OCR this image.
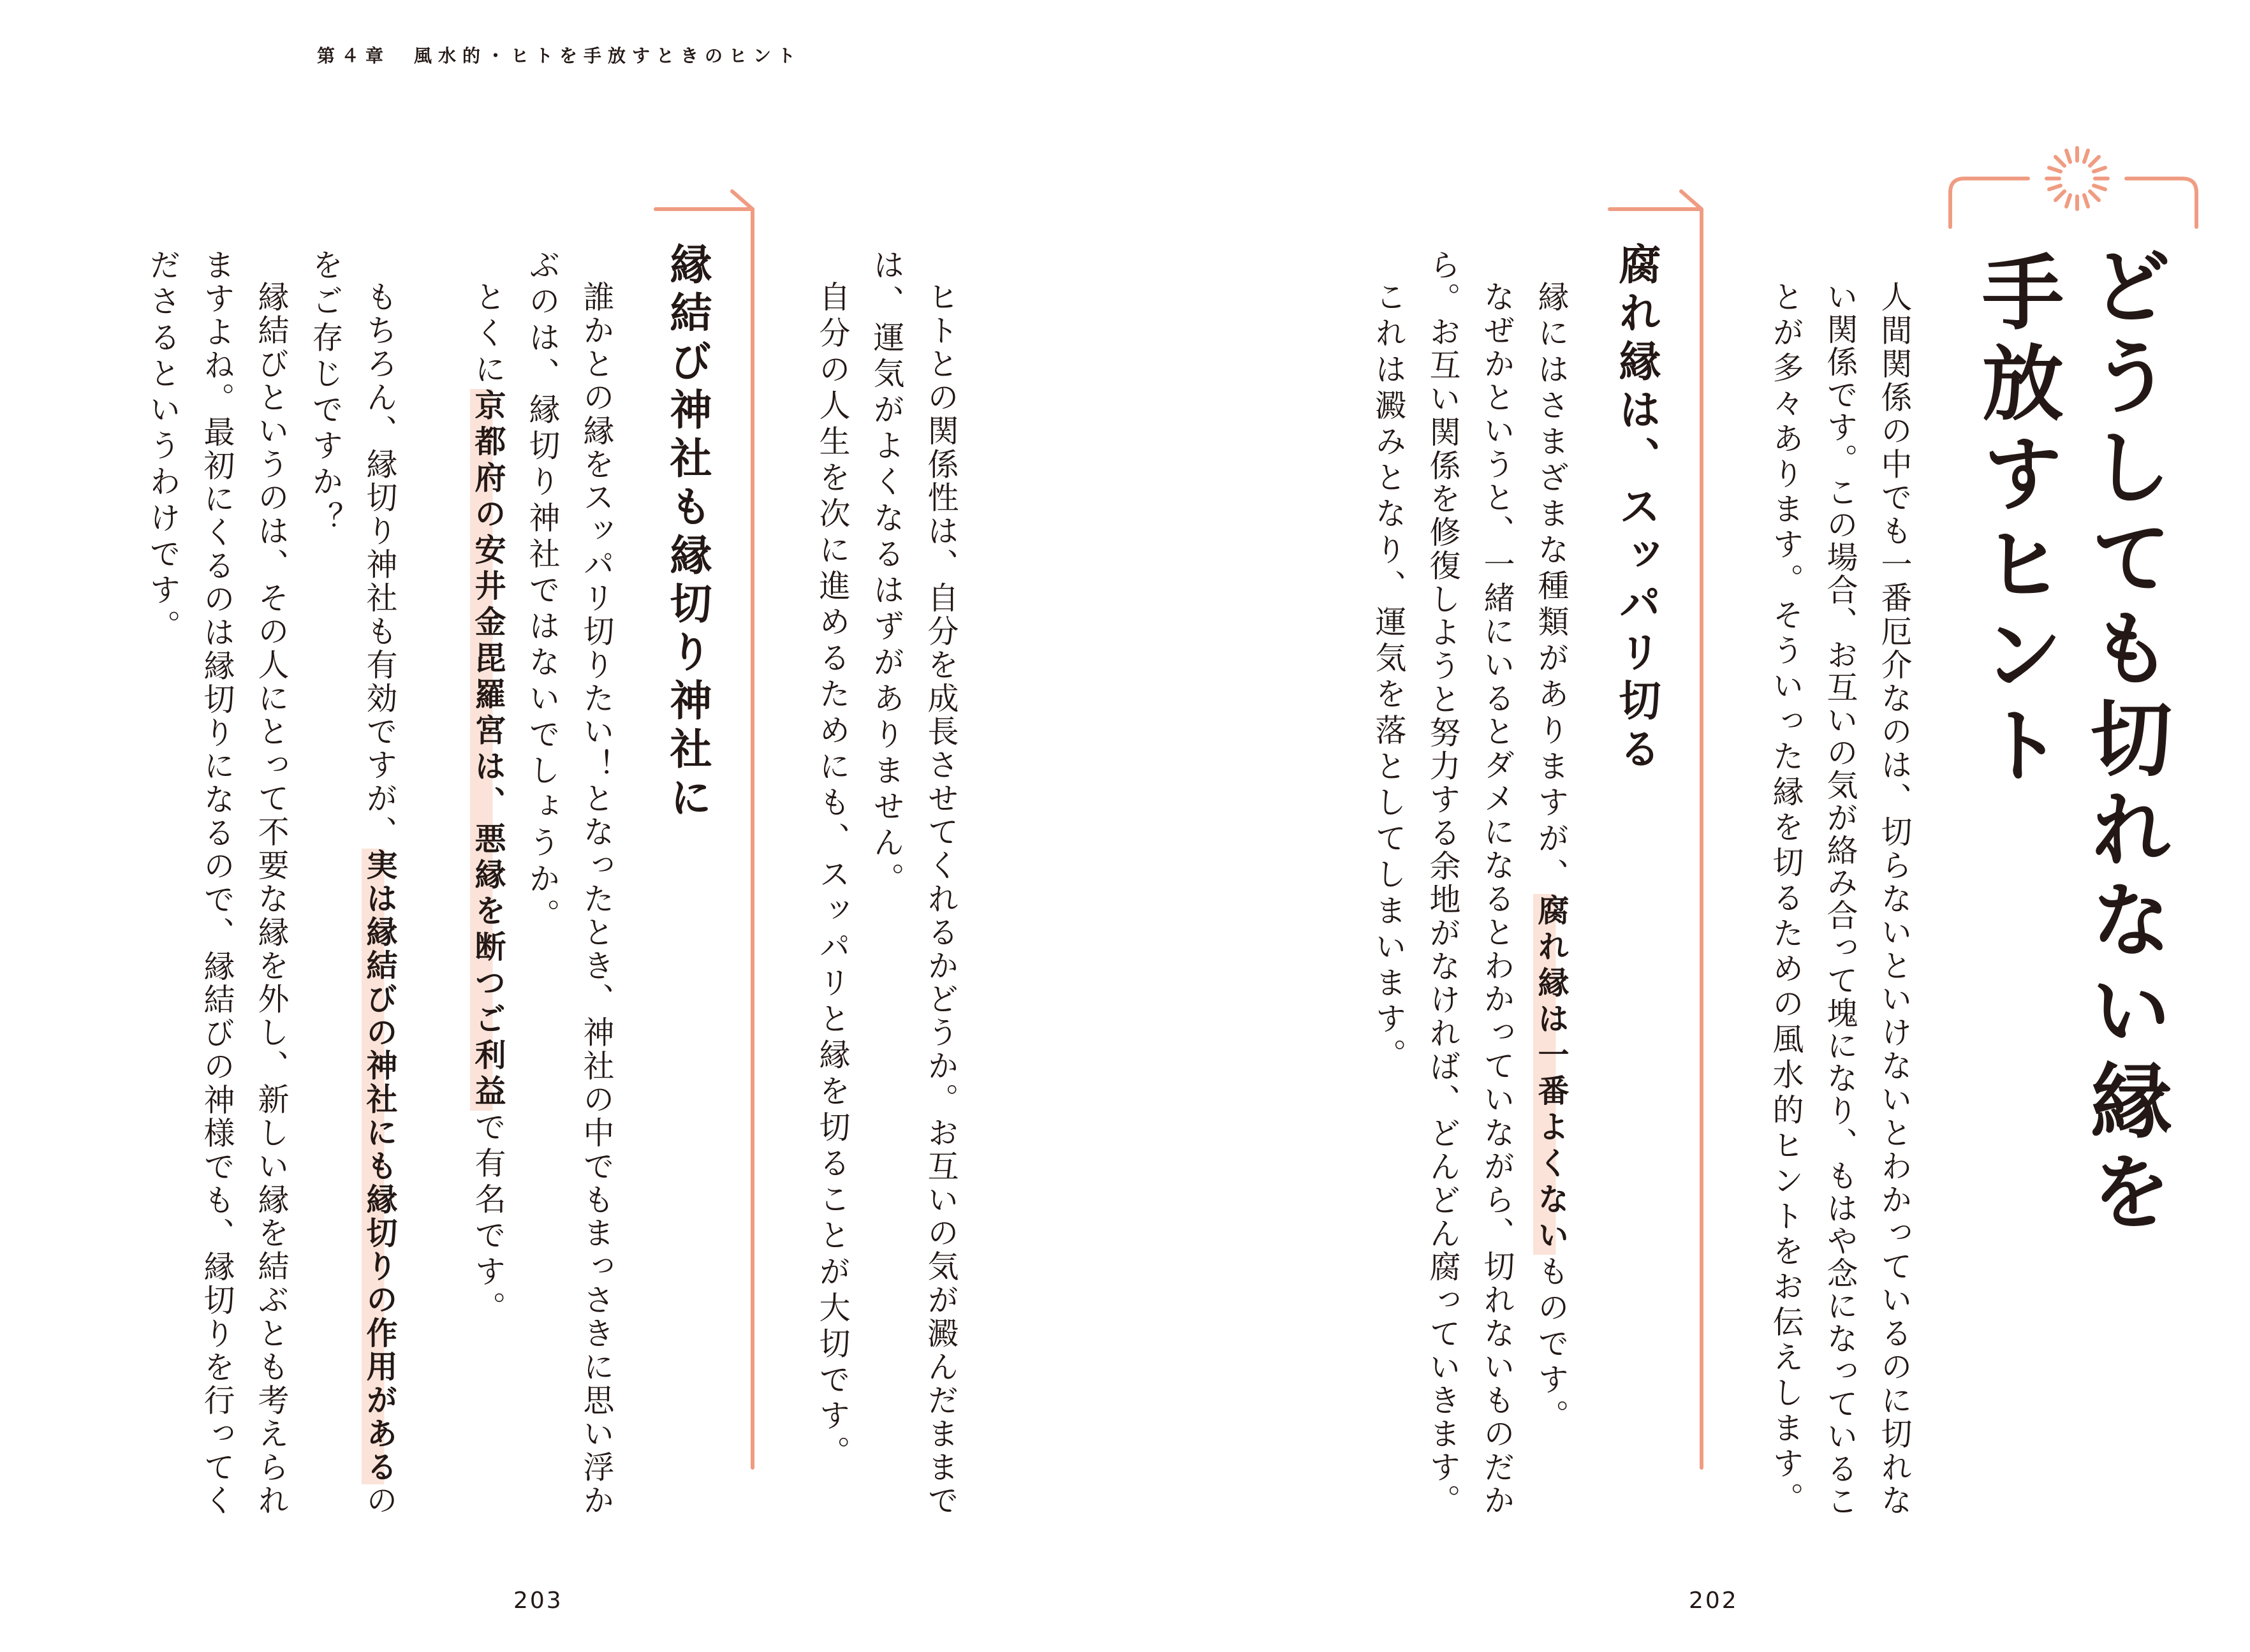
第４章　風水的・ヒトを手放すときのヒント
どうしても切れない縁を
手放すヒント
人間関係の中でも一番厄介なのは、切らないといけないとわかっているのに切れな
い関係です。この場合、お互いの気が絡み合って塊になり、もはや念になっているこ
とが多々あります。そういった縁を切るための風水的ヒントをお伝えします。
腐れ縁は、スッパリ切る
縁にはさまざまな種類がありますが、腐れ縁は一番よくないものです。
なぜかというと、一緒にいるとダメになるとわかっていながら、切れないものだか
ら。お互い関係を修復しようと努力する余地がなければ、どんどん腐っていきます。
これは澱みとなり、運気を落としてしまいます。
ヒトとの関係性は、自分を成長させてくれるかどうか。お互いの気が澱んだままで
は、運気がよくなるはずがありません。
自分の人生を次に進めるためにも、スッパリと縁を切ることが大切です。
縁結び神社も縁切り神社に
誰かとの縁をスッパリ切りたい！となったとき、神社の中でもまっさきに思い浮か
ぶのは、縁切り神社ではないでしょうか。
とくに京都府の安井金毘羅宮は、悪縁を断つご利益で有名です。
もちろん、縁切り神社も有効ですが、実は縁結びの神社にも縁切りの作用があるの
をご存じですか？
縁結びというのは、その人にとって不要な縁を外し、新しい縁を結ぶとも考えられ
ますよね。最初にくるのは縁切りになるので、縁結びの神様でも、縁切りを行ってく
ださるというわけです。
203	202
